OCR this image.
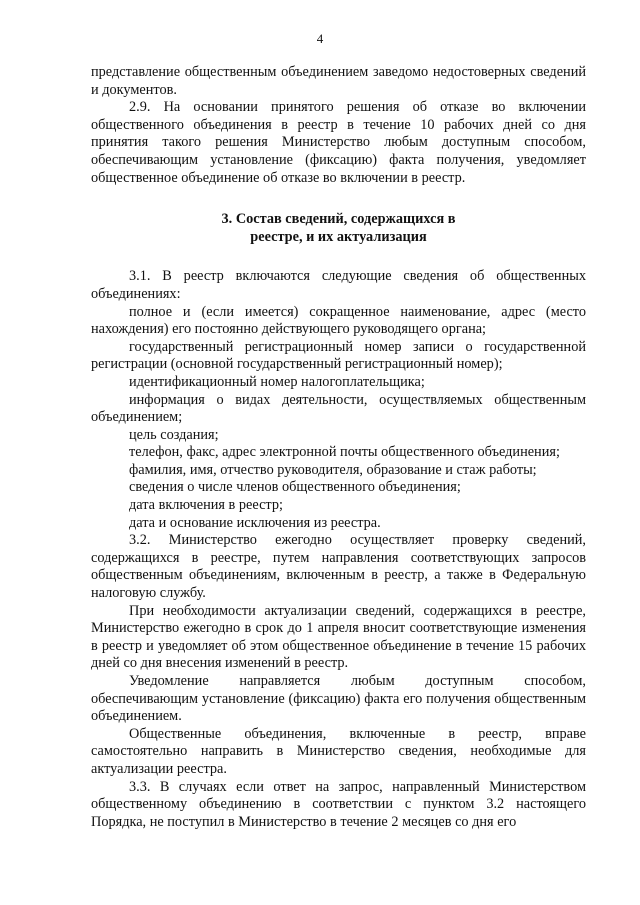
4

представление общественным объединением заведомо недостоверных сведений и документов.

2.9. На основании принятого решения об отказе во включении общественного объединения в реестр в течение 10 рабочих дней со дня принятия такого решения Министерство любым доступным способом, обеспечивающим установление (фиксацию) факта получения, уведомляет общественное объединение об отказе во включении в реестр.

3. Состав сведений, содержащихся в
реестре, и их актуализация

3.1. В реестр включаются следующие сведения об общественных объединениях:

полное и (если имеется) сокращенное наименование, адрес (место нахождения) его постоянно действующего руководящего органа;

государственный регистрационный номер записи о государственной регистрации (основной государственный регистрационный номер);

идентификационный номер налогоплательщика;

информация о видах деятельности, осуществляемых общественным объединением;

цель создания;

телефон, факс, адрес электронной почты общественного объединения;

фамилия, имя, отчество руководителя, образование и стаж работы;

сведения о числе членов общественного объединения;

дата включения в реестр;

дата и основание исключения из реестра.

3.2. Министерство ежегодно осуществляет проверку сведений, содержащихся в реестре, путем направления соответствующих запросов общественным объединениям, включенным в реестр, а также в Федеральную налоговую службу.

При необходимости актуализации сведений, содержащихся в реестре, Министерство ежегодно в срок до 1 апреля вносит соответствующие изменения в реестр и уведомляет об этом общественное объединение в течение 15 рабочих дней со дня внесения изменений в реестр.

Уведомление направляется любым доступным способом, обеспечивающим установление (фиксацию) факта его получения общественным объединением.

Общественные объединения, включенные в реестр, вправе самостоятельно направить в Министерство сведения, необходимые для актуализации реестра.

3.3. В случаях если ответ на запрос, направленный Министерством общественному объединению в соответствии с пунктом 3.2 настоящего Порядка, не поступил в Министерство в течение 2 месяцев со дня его
